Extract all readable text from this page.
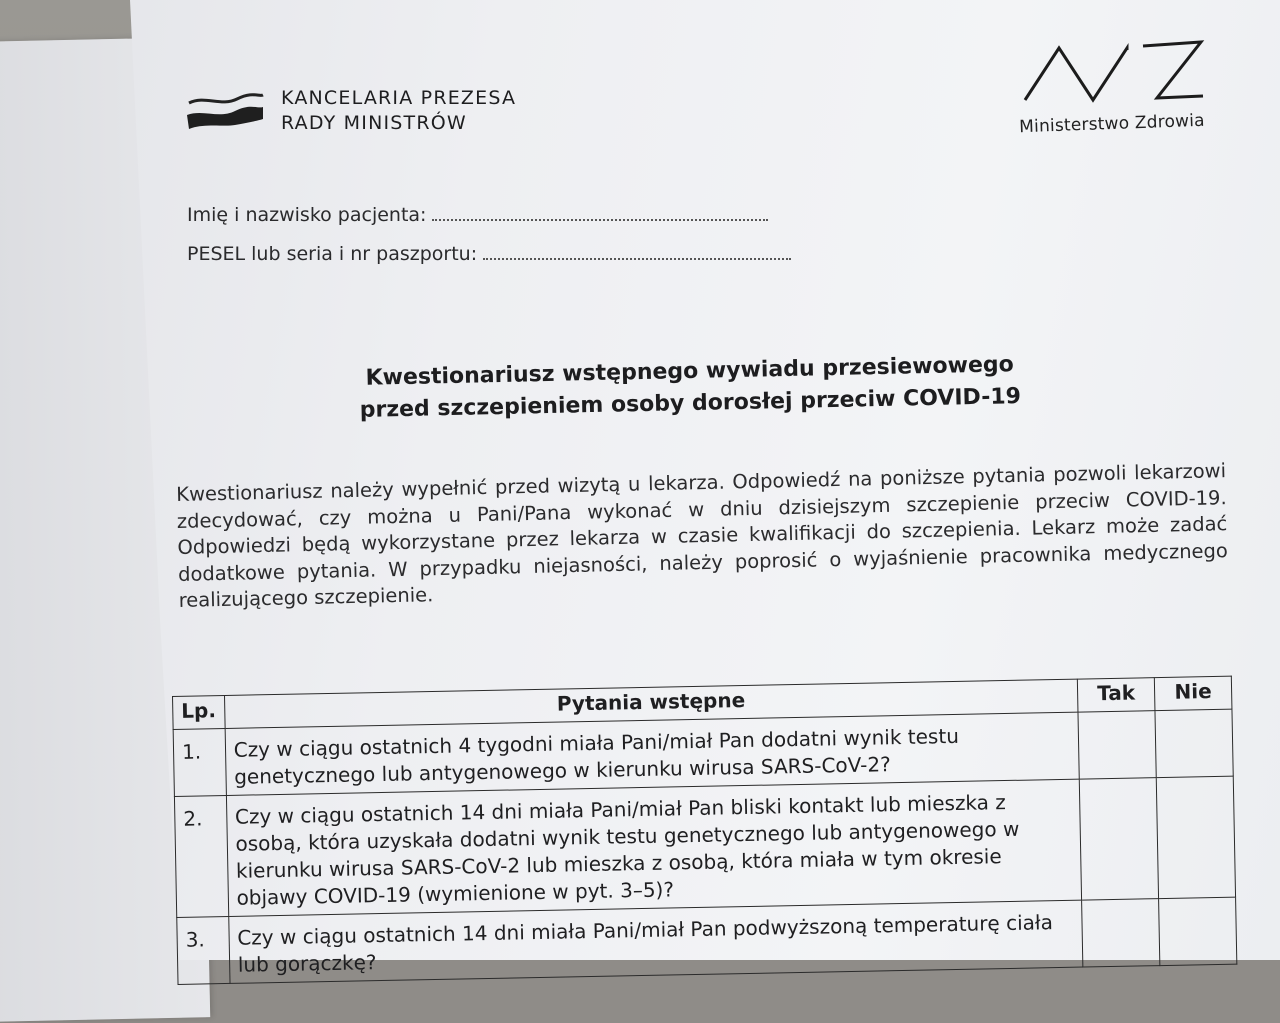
KANCELARIA PREZESA
RADY MINISTRÓW	Ministerstwo Zdrowia
Imię i nazwisko pacjenta:
PESEL lub seria i nr paszportu:
Kwestionariusz wstępnego wywiadu przesiewowego
przed szczepieniem osoby dorosłej przeciw COVID-19
Kwestionariusz należy wypełnić przed wizytą u lekarza. Odpowiedź na poniższe pytania pozwoli lekarzowi zdecydować, czy można u Pani/Pana wykonać w dniu dzisiejszym szczepienie przeciw COVID-19. Odpowiedzi będą wykorzystane przez lekarza w czasie kwalifikacji do szczepienia. Lekarz może zadać dodatkowe pytania. W przypadku niejasności, należy poprosić o wyjaśnienie pracownika medycznego realizującego szczepienie.
Lp.	Pytania wstępne	Tak	Nie
1.	Czy w ciągu ostatnich 4 tygodni miała Pani/miał Pan dodatni wynik testu genetycznego lub antygenowego w kierunku wirusa SARS-CoV-2?		
2.	Czy w ciągu ostatnich 14 dni miała Pani/miał Pan bliski kontakt lub mieszka z osobą, która uzyskała dodatni wynik testu genetycznego lub antygenowego w kierunku wirusa SARS-CoV-2 lub mieszka z osobą, która miała w tym okresie objawy COVID-19 (wymienione w pyt. 3–5)?		
3.	Czy w ciągu ostatnich 14 dni miała Pani/miał Pan podwyższoną temperaturę ciała lub gorączkę?		
